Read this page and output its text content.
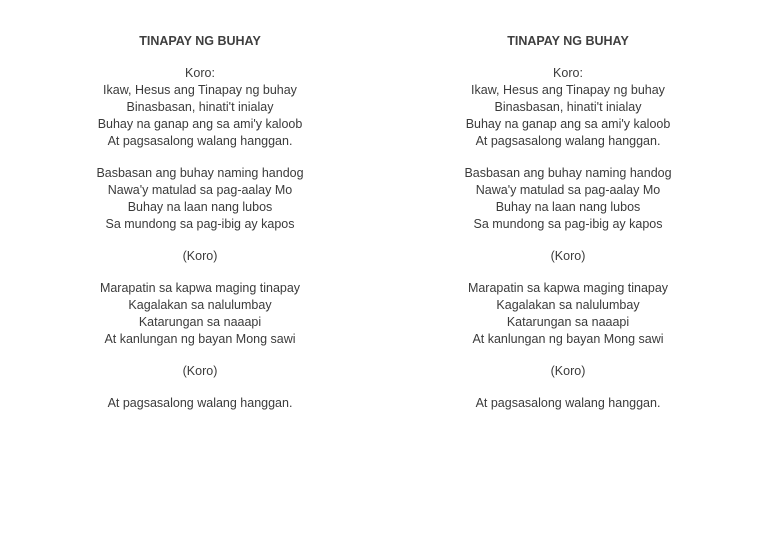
TINAPAY NG BUHAY
Koro:
Ikaw, Hesus ang Tinapay ng buhay
Binasbasan, hinati't inialay
Buhay na ganap ang sa ami'y kaloob
At pagsasalong walang hanggan.
Basbasan ang buhay naming handog
Nawa'y matulad sa pag-aalay Mo
Buhay na laan nang lubos
Sa mundong sa pag-ibig ay kapos
(Koro)
Marapatin sa kapwa maging tinapay
Kagalakan sa nalulumbay
Katarungan sa naaapi
At kanlungan ng bayan Mong sawi
(Koro)
At pagsasalong walang hanggan.
TINAPAY NG BUHAY
Koro:
Ikaw, Hesus ang Tinapay ng buhay
Binasbasan, hinati't inialay
Buhay na ganap ang sa ami'y kaloob
At pagsasalong walang hanggan.
Basbasan ang buhay naming handog
Nawa'y matulad sa pag-aalay Mo
Buhay na laan nang lubos
Sa mundong sa pag-ibig ay kapos
(Koro)
Marapatin sa kapwa maging tinapay
Kagalakan sa nalulumbay
Katarungan sa naaapi
At kanlungan ng bayan Mong sawi
(Koro)
At pagsasalong walang hanggan.
